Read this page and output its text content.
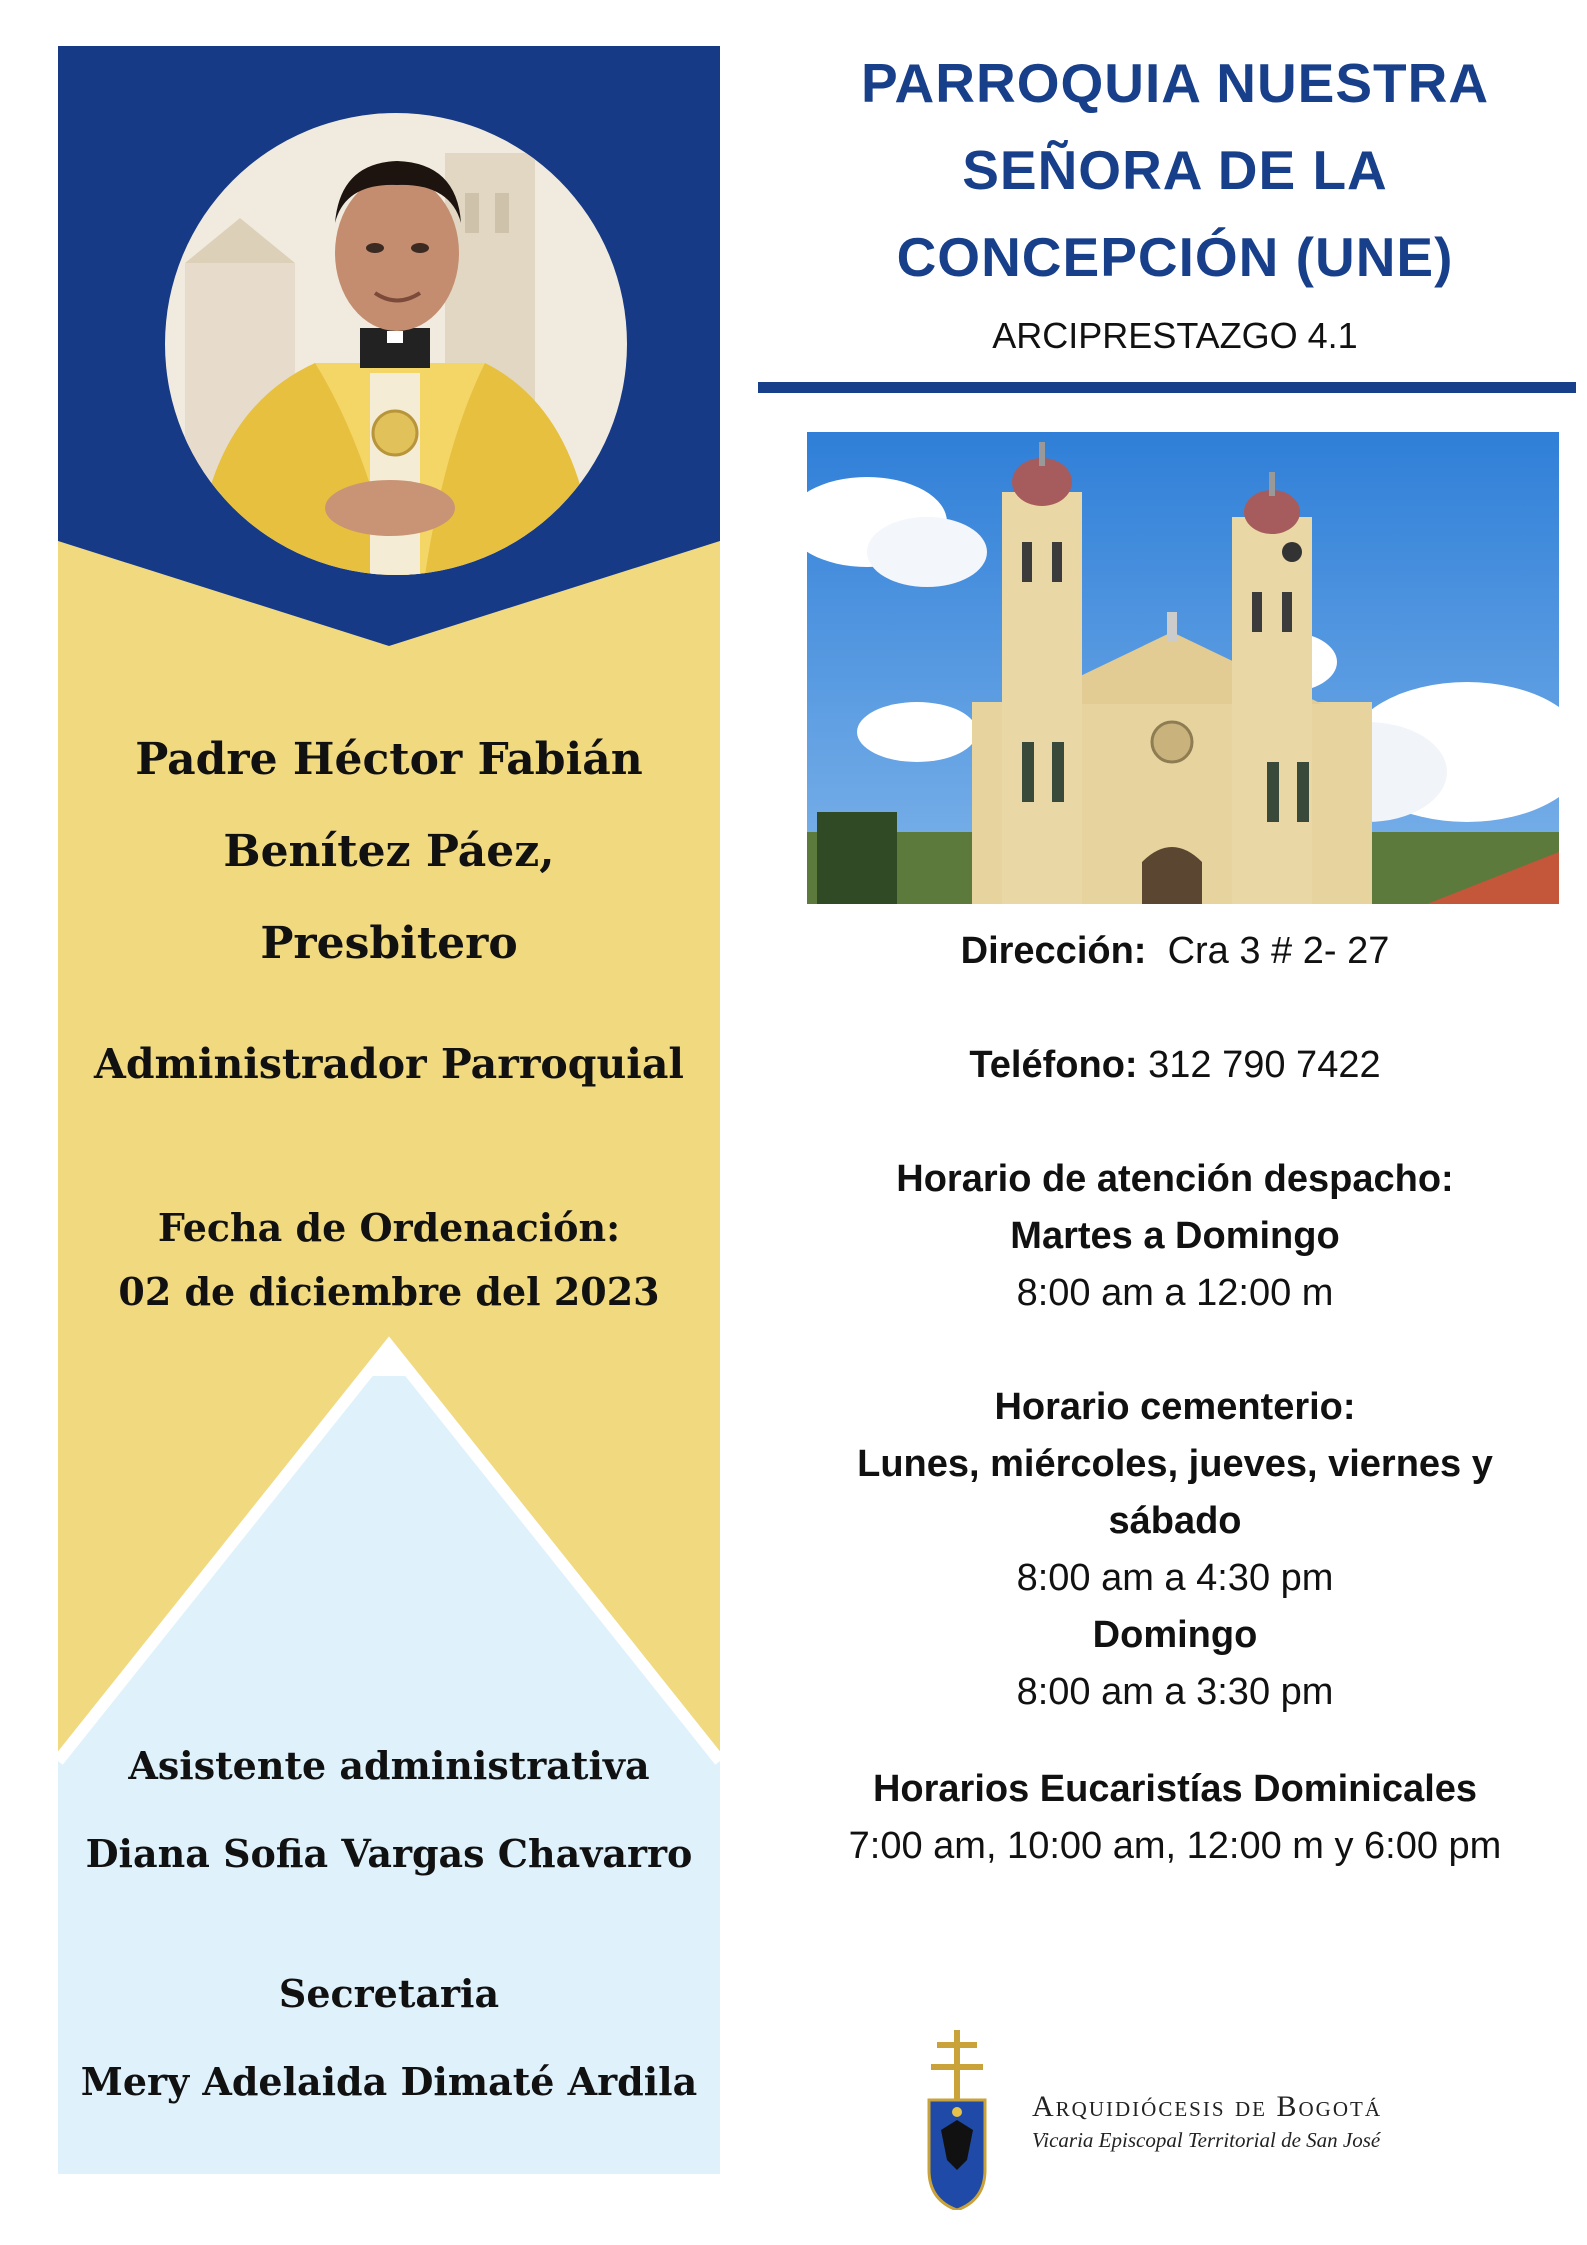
Padre Héctor Fabián
Benítez Páez,
Presbitero
Administrador Parroquial
Fecha de Ordenación:
02 de diciembre del 2023
Asistente administrativa
Diana Sofia Vargas Chavarro
Secretaria
Mery Adelaida Dimaté Ardila
PARROQUIA NUESTRA
SEÑORA DE LA
CONCEPCIÓN (UNE)
ARCIPRESTAZGO 4.1
Dirección: Cra 3 # 2- 27
Teléfono: 312 790 7422
Horario de atención despacho:
Martes a Domingo
8:00 am a 12:00 m
Horario cementerio:
Lunes, miércoles, jueves, viernes y
sábado
8:00 am a 4:30 pm
Domingo
8:00 am a 3:30 pm
Horarios Eucaristías Dominicales
7:00 am, 10:00 am, 12:00 m y 6:00 pm
Arquidiócesis de Bogotá
Vicaria Episcopal Territorial de San José
